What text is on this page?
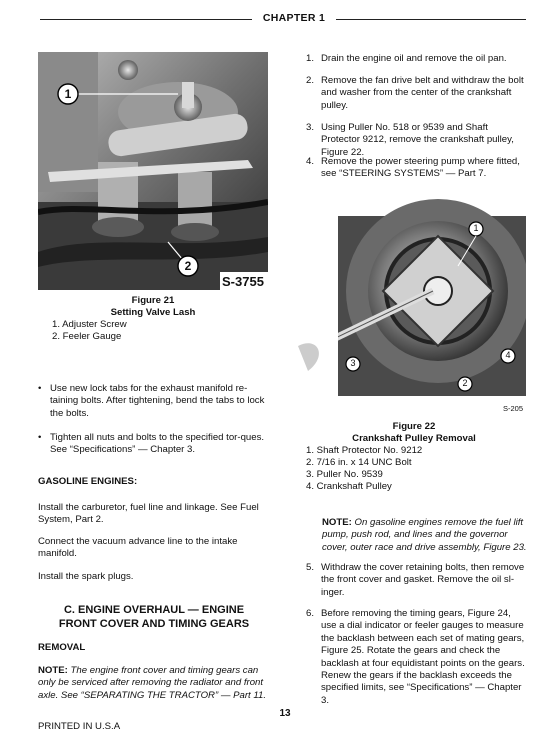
CHAPTER 1
1
2
S-3755
Figure 21
Setting Valve Lash
1. Adjuster Screw
2. Feeler Gauge
• Use new lock tabs for the exhaust manifold re-taining bolts. After tightening, bend the tabs to lock the bolts.
• Tighten all nuts and bolts to the specified tor-ques. See “Specifications” — Chapter 3.
GASOLINE ENGINES:
Install the carburetor, fuel line and linkage. See Fuel System, Part 2.
Connect the vacuum advance line to the intake manifold.
Install the spark plugs.
C. ENGINE OVERHAUL — ENGINE
FRONT COVER AND TIMING GEARS
REMOVAL
NOTE: The engine front cover and timing gears can only be serviced after removing the radiator and front axle. See “SEPARATING THE TRACTOR” — Part 11.
1. Drain the engine oil and remove the oil pan.
2. Remove the fan drive belt and withdraw the bolt and washer from the center of the crankshaft pulley.
3. Using Puller No. 518 or 9539 and Shaft Protector 9212, remove the crankshaft pulley, Figure 22.
4. Remove the power steering pump where fitted, see “STEERING SYSTEMS” — Part 7.
1
3
2
4
S-205
Figure 22
Crankshaft Pulley Removal
1. Shaft Protector No. 9212
2. 7/16 in. x 14 UNC Bolt
3. Puller No. 9539
4. Crankshaft Pulley
NOTE: On gasoline engines remove the fuel lift pump, push rod, and lines and the governor cover, outer race and drive assembly, Figure 23.
5. Withdraw the cover retaining bolts, then remove the front cover and gasket. Remove the oil sl-inger.
6. Before removing the timing gears, Figure 24, use a dial indicator or feeler gauges to measure the backlash between each set of mating gears, Figure 25. Rotate the gears and check the backlash at four equidistant points on the gears. Renew the gears if the backlash exceeds the specified limits, see “Specifications” — Chapter 3.
13
PRINTED IN U.S.A
